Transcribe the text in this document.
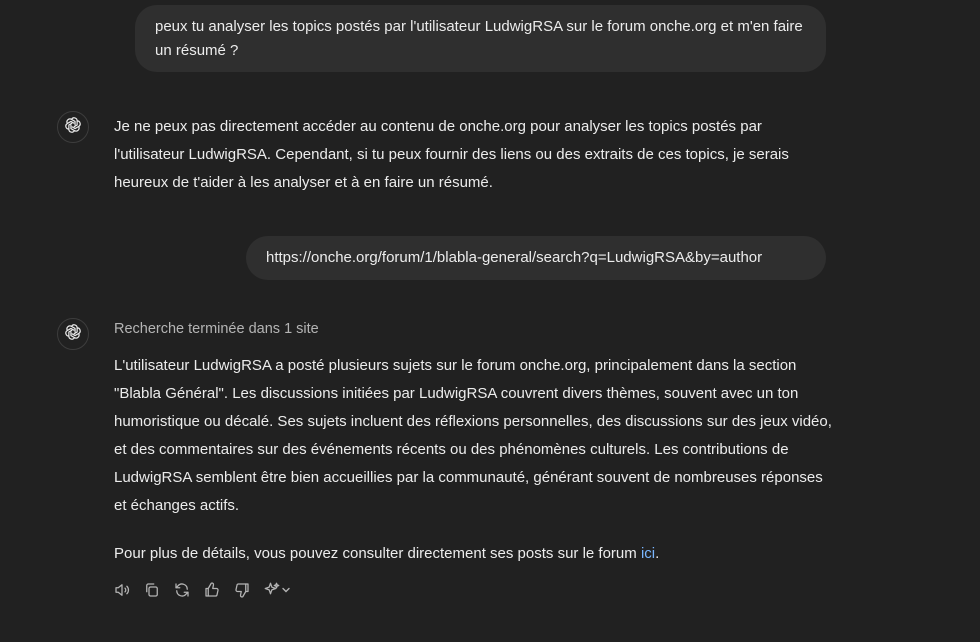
peux tu analyser les topics postés par l'utilisateur LudwigRSA sur le forum onche.org et m'en faire un résumé ?
Je ne peux pas directement accéder au contenu de onche.org pour analyser les topics postés par l'utilisateur LudwigRSA. Cependant, si tu peux fournir des liens ou des extraits de ces topics, je serais heureux de t'aider à les analyser et à en faire un résumé.
https://onche.org/forum/1/blabla-general/search?q=LudwigRSA&by=author
Recherche terminée dans 1 site
L'utilisateur LudwigRSA a posté plusieurs sujets sur le forum onche.org, principalement dans la section "Blabla Général". Les discussions initiées par LudwigRSA couvrent divers thèmes, souvent avec un ton humoristique ou décalé. Ses sujets incluent des réflexions personnelles, des discussions sur des jeux vidéo, et des commentaires sur des événements récents ou des phénomènes culturels. Les contributions de LudwigRSA semblent être bien accueillies par la communauté, générant souvent de nombreuses réponses et échanges actifs.
Pour plus de détails, vous pouvez consulter directement ses posts sur le forum ici.
